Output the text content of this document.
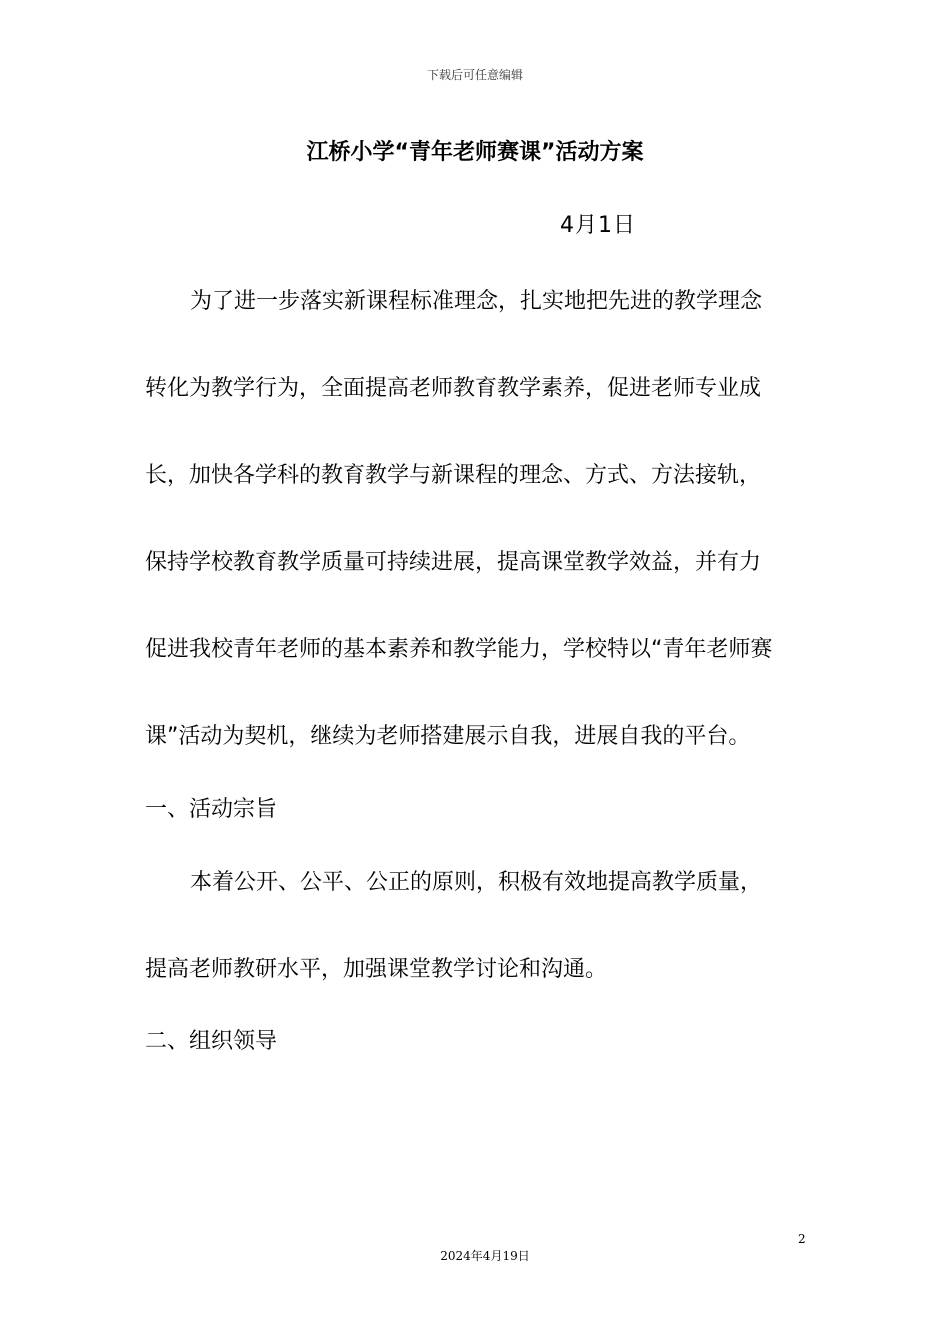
下载后可任意编辑
江桥小学“青年老师赛课”活动方案
4月1日
为了进一步落实新课程标准理念，扎实地把先进的教学理念
转化为教学行为，全面提高老师教育教学素养，促进老师专业成
长，加快各学科的教育教学与新课程的理念、方式、方法接轨，
保持学校教育教学质量可持续进展，提高课堂教学效益，并有力
促进我校青年老师的基本素养和教学能力，学校特以“青年老师赛
课”活动为契机，继续为老师搭建展示自我，进展自我的平台。
一、活动宗旨
本着公开、公平、公正的原则，积极有效地提高教学质量，
提高老师教研水平，加强课堂教学讨论和沟通。
二、组织领导
2
2024年4月19日
